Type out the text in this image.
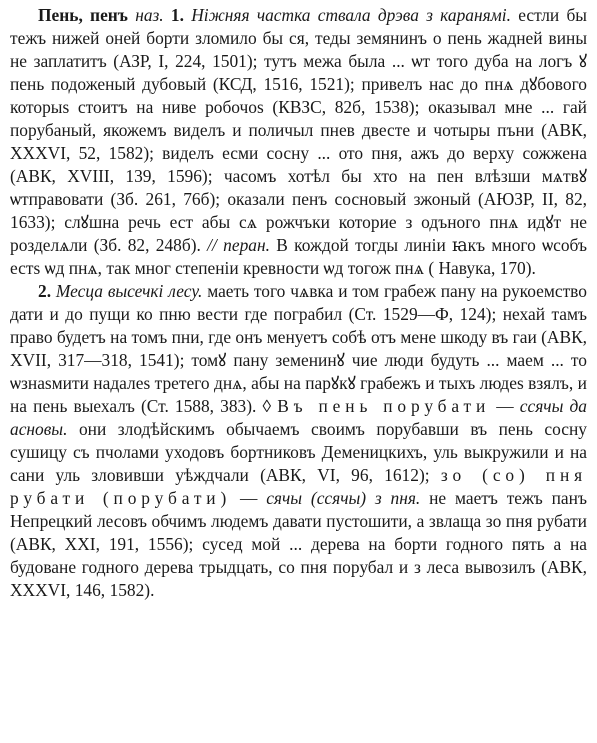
Пень, пенъ наз. 1. Ніжняя частка ствала дрэва з каранямі. естли бы тежъ нижей оней борти зломило бы ся, теды земянинъ о пень жадней вины не заплатитъ (АЗР, I, 224, 1501); тутъ межа была ... ѡт того дуба на логъ ꙋ пень подоженый дубовый (КСД, 1516, 1521); привелъ нас до пнѧ дꙋбового которыѕ стоитъ на ниве робочоѕ (КВЗС, 82б, 1538); оказывал мне ... гай порубаный, якожемъ виделъ и поличыл пнев двесте и чотыры пъни (АВК, XXXVI, 52, 1582); виделъ есми сосну ... ото пня, ажъ до верху сожжена (АВК, XVIII, 139, 1596); часомъ хотѣл бы хто на пен влѣзши мѧтвꙋ ѡтправовати (Зб. 261, 76б); оказали пенъ сосновый зжоный (АЮЗР, II, 82, 1633); слꙋшна речь ест абы сѧ рожчъки которие з одъного пнѧ идꙋт не розделѧли (Зб. 82, 248б). // перан. В кождой тогды линіи ꙗкъ много ѡсобъ естѕ ѡд пнѧ, так мног степеніи кревности ѡд тогож пнѧ ( Навука, 170).

2. Месца высечкі лесу. маеть того чѧвка и том грабеж пану на рукоемство дати и до пущи ко пню вести где пограбил (Ст. 1529—Ф, 124); нехай тамъ право будетъ на томъ пни, где онъ менуетъ собѣ отъ мене шкоду въ гаи (АВК, XVII, 317—318, 1541); томꙋ пану земенинꙋ чие люди будуть ... маем ... то ѡзнаѕмити надалеѕ третего днѧ, абы на парꙋкꙋ грабежъ и тыхъ людеѕ взялъ, и на пень выехалъ (Ст. 1588, 383). ◊ Въ пень порубати — ссячы да асновы. они злодѣйскимъ обычаемъ своимъ порубавши въ пень сосну сушицу съ пчолами уходовъ бортниковъ Деменицкихъ, уль выкружили и на сани уль зловивши уѣждчали (АВК, VI, 96, 1612); зо (со) пня рубати (порубати) — сячы (ссячы) з пня. не маетъ тежъ панъ Непрецкий лесовъ обчимъ людемъ давати пустошити, а звлаща зо пня рубати (АВК, XXI, 191, 1556); сусед мой ... дерева на борти годного пять а на будоване годного дерева трыдцать, со пня порубал и з леса вывозилъ (АВК, XXXVI, 146, 1582).
